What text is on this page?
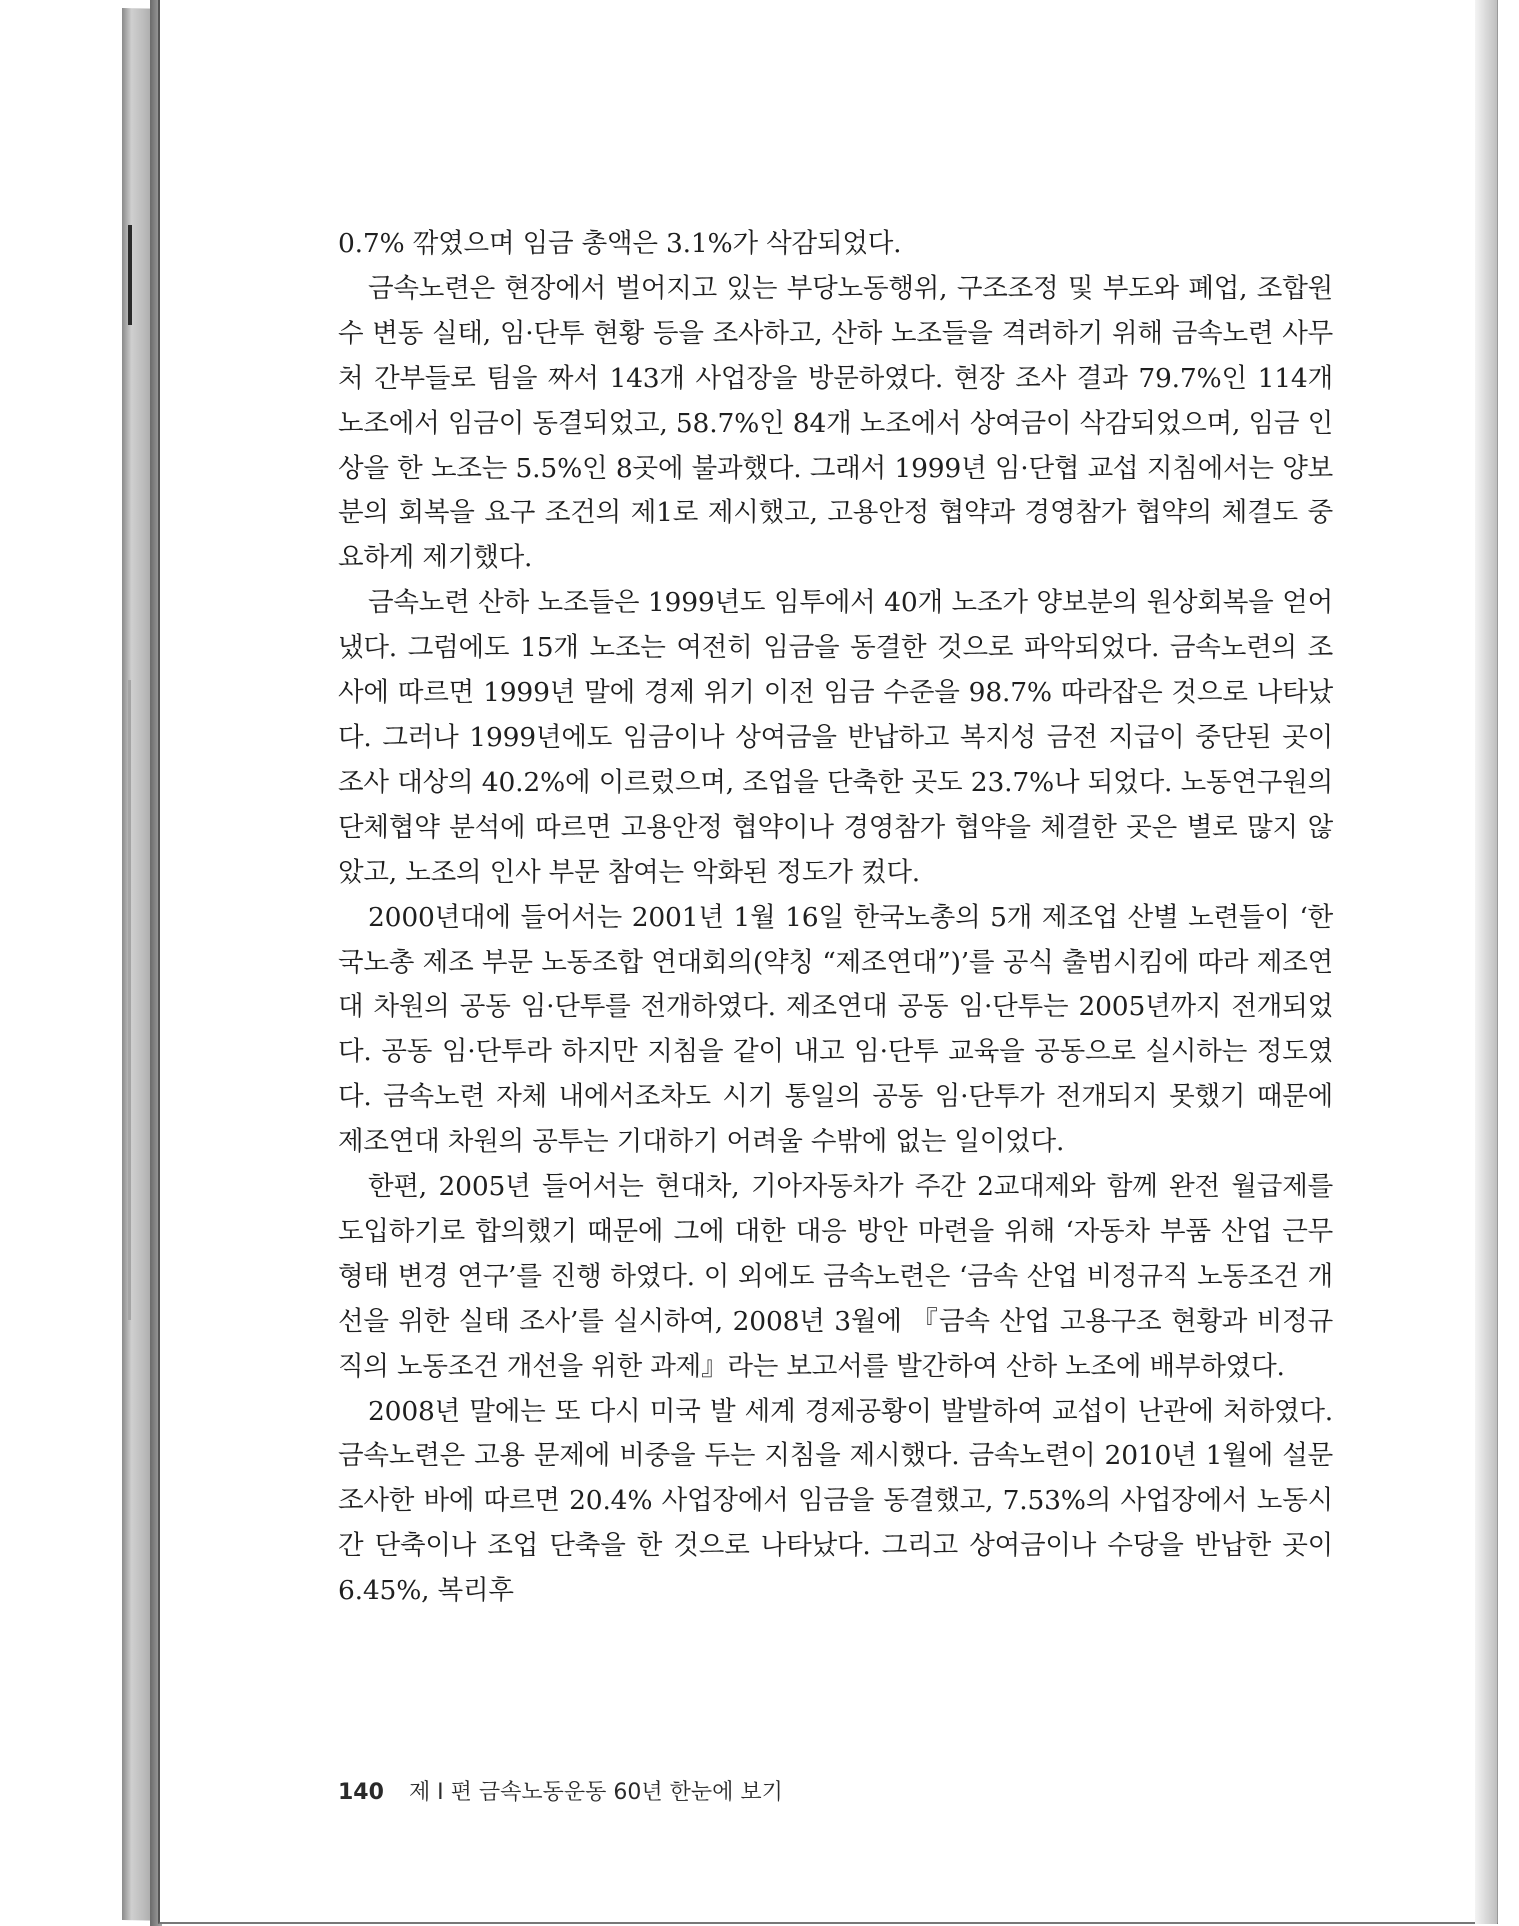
0.7% 깎였으며 임금 총액은 3.1%가 삭감되었다.

금속노련은 현장에서 벌어지고 있는 부당노동행위, 구조조정 및 부도와 폐업, 조합원 수 변동 실태, 임·단투 현황 등을 조사하고, 산하 노조들을 격려하기 위해 금속노련 사무처 간부들로 팀을 짜서 143개 사업장을 방문하였다. 현장 조사 결과 79.7%인 114개 노조에서 임금이 동결되었고, 58.7%인 84개 노조에서 상여금이 삭감되었으며, 임금 인상을 한 노조는 5.5%인 8곳에 불과했다. 그래서 1999년 임·단협 교섭 지침에서는 양보분의 회복을 요구 조건의 제1로 제시했고, 고용안정 협약과 경영참가 협약의 체결도 중요하게 제기했다.

금속노련 산하 노조들은 1999년도 임투에서 40개 노조가 양보분의 원상회복을 얻어냈다. 그럼에도 15개 노조는 여전히 임금을 동결한 것으로 파악되었다. 금속노련의 조사에 따르면 1999년 말에 경제 위기 이전 임금 수준을 98.7% 따라잡은 것으로 나타났다. 그러나 1999년에도 임금이나 상여금을 반납하고 복지성 금전 지급이 중단된 곳이 조사 대상의 40.2%에 이르렀으며, 조업을 단축한 곳도 23.7%나 되었다. 노동연구원의 단체협약 분석에 따르면 고용안정 협약이나 경영참가 협약을 체결한 곳은 별로 많지 않았고, 노조의 인사 부문 참여는 악화된 정도가 컸다.

2000년대에 들어서는 2001년 1월 16일 한국노총의 5개 제조업 산별 노련들이 ‘한국노총 제조 부문 노동조합 연대회의(약칭 “제조연대”)’를 공식 출범시킴에 따라 제조연대 차원의 공동 임·단투를 전개하였다. 제조연대 공동 임·단투는 2005년까지 전개되었다. 공동 임·단투라 하지만 지침을 같이 내고 임·단투 교육을 공동으로 실시하는 정도였다. 금속노련 자체 내에서조차도 시기 통일의 공동 임·단투가 전개되지 못했기 때문에 제조연대 차원의 공투는 기대하기 어려울 수밖에 없는 일이었다.

한편, 2005년 들어서는 현대차, 기아자동차가 주간 2교대제와 함께 완전 월급제를 도입하기로 합의했기 때문에 그에 대한 대응 방안 마련을 위해 ‘자동차 부품 산업 근무 형태 변경 연구’를 진행 하였다. 이 외에도 금속노련은 ‘금속 산업 비정규직 노동조건 개선을 위한 실태 조사’를 실시하여, 2008년 3월에 『금속 산업 고용구조 현황과 비정규직의 노동조건 개선을 위한 과제』라는 보고서를 발간하여 산하 노조에 배부하였다.

2008년 말에는 또 다시 미국 발 세계 경제공황이 발발하여 교섭이 난관에 처하였다. 금속노련은 고용 문제에 비중을 두는 지침을 제시했다. 금속노련이 2010년 1월에 설문 조사한 바에 따르면 20.4% 사업장에서 임금을 동결했고, 7.53%의 사업장에서 노동시간 단축이나 조업 단축을 한 것으로 나타났다. 그리고 상여금이나 수당을 반납한 곳이 6.45%, 복리후

140 제 I 편 금속노동운동 60년 한눈에 보기
